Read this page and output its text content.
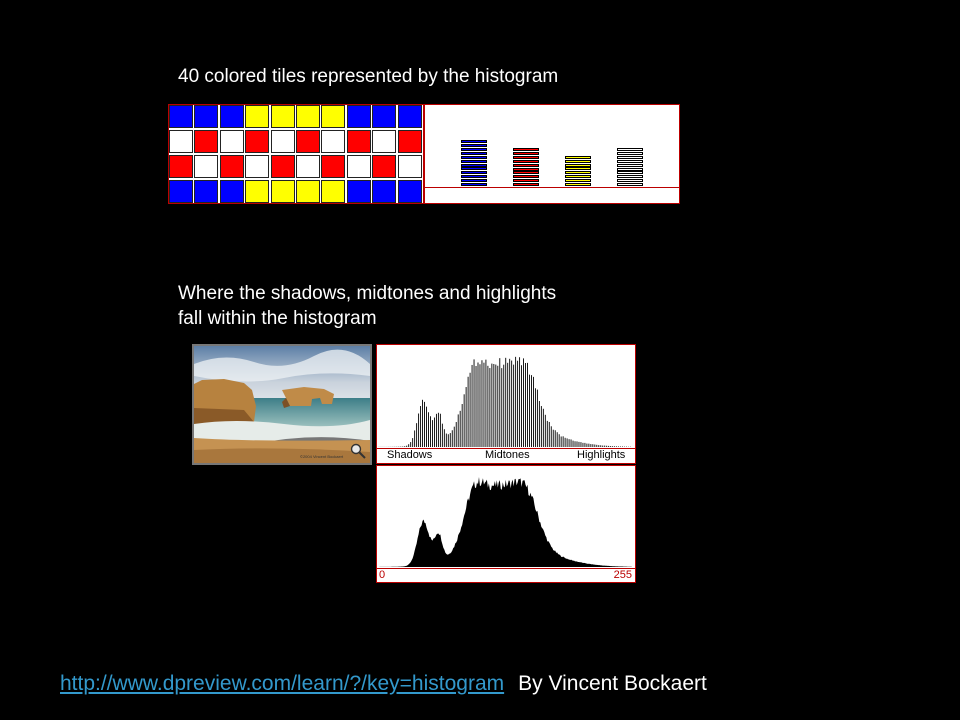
40 colored tiles represented by the histogram
Where the shadows, midtones and highlights
fall within the histogram
©2004 Vincent Bockaert	Shadows	Midtones	Highlights
0	255
http://www.dpreview.com/learn/?/key=histogram By Vincent Bockaert
